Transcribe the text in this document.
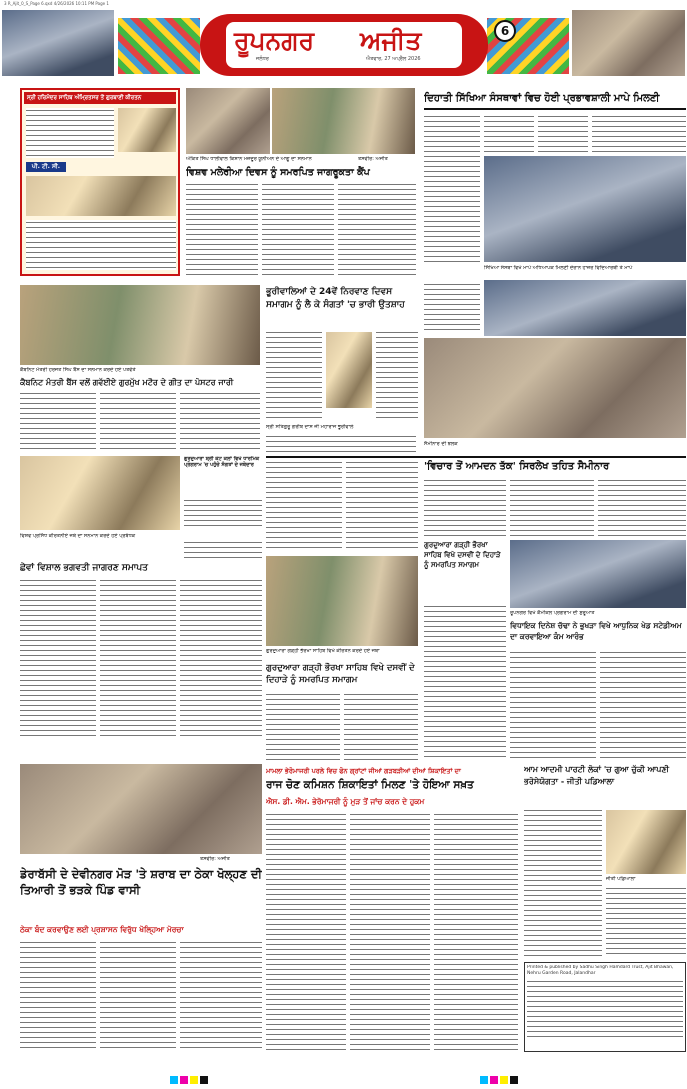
3 R_Ajit_0_S_Page 6.qxd 4/26/2026 10:11 PM Page 1
ਰੂਪਨਗਰ ਅਜੀਤ
ਜਲੰਧਰ	ਐਤਵਾਰ, 27 ਅਪ੍ਰੈਲ 2026
6
ਸ੍ਰੀ ਹਰਿਮੰਦਰ ਸਾਹਿਬ ਅੰਮ੍ਰਿਤਸਰ ਤੋਂ ਗੁਰਬਾਣੀ ਕੀਰਤਨ
ਪੀ. ਟੀ. ਸੀ.
ਅੰਕਿਤ ਸਿੰਘ ਧਾਲੀਵਾਲ ਕਿਸ਼ਾਨ ਮਜ਼ਦੂਰ ਯੂਨੀਅਨ ਦੇ ਆਗੂ ਦਾ ਸਨਮਾਨ	ਤਸਵੀਰ: ਅਜੀਤ
ਵਿਸ਼ਵ ਮਲੇਰੀਆ ਦਿਵਸ ਨੂੰ ਸਮਰਪਿਤ ਜਾਗਰੂਕਤਾ ਕੈਂਪ
ਦਿਹਾਤੀ ਸਿੱਖਿਆ ਸੰਸਥਾਵਾਂ ਵਿਚ ਹੋਈ ਪ੍ਰਭਾਵਸ਼ਾਲੀ ਮਾਪੇ ਮਿਲਣੀ
ਸਿੱਖਿਆ ਸੰਸਥਾ ਵਿਖੇ ਮਾਪੇ ਅਧਿਆਪਕ ਮਿਲਣੀ ਦੌਰਾਨ ਹਾਜ਼ਰ ਵਿਦਿਆਰਥੀ ਤੇ ਮਾਪੇ
ਕੈਬਨਿਟ ਮੰਤਰੀ ਹਰਜੋਤ ਸਿੰਘ ਬੈਂਸ ਦਾ ਸਨਮਾਨ ਕਰਦੇ ਹੋਏ ਪਤਵੰਤੇ
ਕੈਬਨਿਟ ਮੰਤਰੀ ਬੈਂਸ ਵਲੋਂ ਗਵੱਈਏ ਗੁਰਮੁੱਖ ਮਟੌਰ ਦੇ ਗੀਤ ਦਾ ਪੋਸਟਰ ਜਾਰੀ
ਭੂਰੀਵਾਲਿਆਂ ਦੇ 24ਵੇਂ ਨਿਰਵਾਣ ਦਿਵਸ ਸਮਾਗਮ ਨੂੰ ਲੈ ਕੇ ਸੰਗਤਾਂ 'ਚ ਭਾਰੀ ਉਤਸ਼ਾਹ
ਸ੍ਰੀ ਸਤਿਗੁਰੂ ਗਰੀਬ ਦਾਸ ਜੀ ਮਹਾਰਾਜ ਭੂਰੀਵਾਲੇ
ਸੈਮੀਨਾਰ ਦੀ ਝਲਕ
'ਵਿਚਾਰ ਤੋਂ ਆਮਦਨ ਤੱਕ' ਸਿਰਲੇਖ ਤਹਿਤ ਸੈਮੀਨਾਰ
ਗੁਰਦੁਆਰਾ ਸ਼੍ਰੀ ਕੋਟ ਕਲਾਂ ਵਿਖੇ ਧਾਰਮਿਕ ਪ੍ਰੋਗਰਾਮ 'ਚ ਪਹੁੰਚੇ ਸੰਗਤਾਂ ਦੇ ਜਥੇਦਾਰ
ਵਿਸ਼ਵ ਪ੍ਰਸਿੱਧ ਕੀਰਤਨੀਏ ਜਥੇ ਦਾ ਸਨਮਾਨ ਕਰਦੇ ਹੋਏ ਪ੍ਰਬੰਧਕ
ਛੇਵਾਂ ਵਿਸ਼ਾਲ ਭਗਵਤੀ ਜਾਗਰਣ ਸਮਾਪਤ
ਗੁਰਦੁਆਰਾ ਗੜ੍ਹੀ ਭੌਰਖਾ ਸਾਹਿਬ ਵਿਖੇ ਕੀਰਤਨ ਕਰਦੇ ਹੋਏ ਜਥਾ
ਗੁਰਦੁਆਰਾ ਗੜ੍ਹੀ ਭੌਰਖਾ ਸਾਹਿਬ ਵਿਖੇ ਦਸਵੀਂ ਦੇ ਦਿਹਾੜੇ ਨੂੰ ਸਮਰਪਿਤ ਸਮਾਗਮ
ਗੁਰਦੁਆਰਾ ਗੜ੍ਹੀ ਭੌਰਖਾ ਸਾਹਿਬ ਵਿਖੇ ਦਸਵੀਂ ਦੇ ਦਿਹਾੜੇ ਨੂੰ ਸਮਰਪਿਤ ਸਮਾਗਮ
ਰੂਪਨਗਰ ਵਿਖੇ ਕੈਮੀਕਲ ਪ੍ਰੋਗਰਾਮ ਦੀ ਸ਼ੁਰੂਆਤ
ਵਿਧਾਇਕ ਦਿਨੇਸ਼ ਚੱਢਾ ਨੇ ਭੁਖੜਾ ਵਿਖੇ ਆਧੁਨਿਕ ਖੇਡ ਸਟੇਡੀਅਮ ਦਾ ਕਰਵਾਇਆ ਕੰਮ ਆਰੰਭ
ਤਸਵੀਰ: ਅਜੀਤ
ਮਾਮਲਾ ਭੇਰੋਮਾਜਰੀ ਪਰਲੇ ਵਿਚ ਫੋਨ ਗ੍ਰਾਂਟਾਂ ਜੀਆਂ ਗੜਬੜੀਆਂ ਦੀਆਂ ਸ਼ਿਕਾਇਤਾਂ ਦਾ
ਰਾਜ ਚੋਣ ਕਮਿਸ਼ਨ ਸ਼ਿਕਾਇਤਾਂ ਮਿਲਣ 'ਤੇ ਹੋਇਆ ਸਖ਼ਤ
ਐਸ. ਡੀ. ਐਮ. ਭੇਰੋਮਾਜਰੀ ਨੂੰ ਮੁੜ ਤੋਂ ਜਾਂਚ ਕਰਨ ਦੇ ਹੁਕਮ
ਆਮ ਆਦਮੀ ਪਾਰਟੀ ਲੋਕਾਂ 'ਚ ਗੁਆ ਚੁੱਕੀ ਆਪਣੀ ਭਰੋਸੇਯੋਗਤਾ - ਜੀਤੀ ਪਡਿਆਲਾ
ਜੀਤੀ ਪਡਿਆਲਾ
ਡੇਰਾਬੱਸੀ ਦੇ ਦੇਵੀਨਗਰ ਮੋੜ 'ਤੇ ਸ਼ਰਾਬ ਦਾ ਠੇਕਾ ਖੋਲ੍ਹਣ ਦੀ ਤਿਆਰੀ ਤੋਂ ਭੜਕੇ ਪਿੰਡ ਵਾਸੀ
ਠੇਕਾ ਬੰਦ ਕਰਵਾਉਣ ਲਈ ਪ੍ਰਸ਼ਾਸਨ ਵਿਰੁੱਧ ਖੋਲ੍ਹਿਆ ਮੋਰਚਾ
Printed & published by Sadhu Singh Hamdard Trust, Ajit Bhawan, Nehru Garden Road, Jalandhar
